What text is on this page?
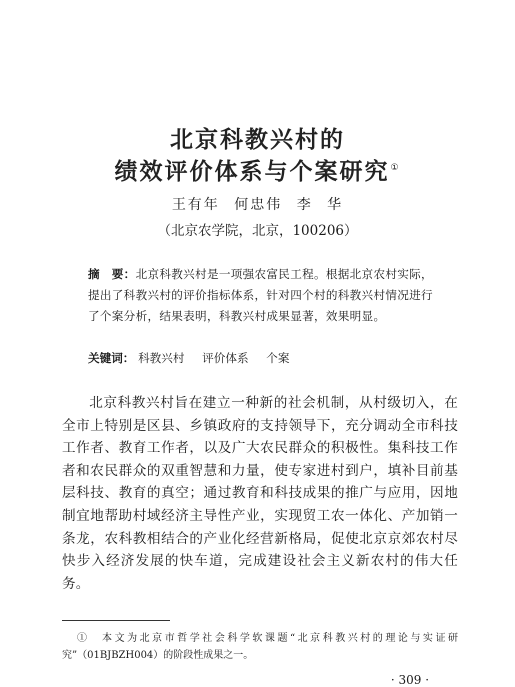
北京科教兴村的
绩效评价体系与个案研究①
王有年 何忠伟 李 华
（北京农学院，北京，100206）
摘　要：北京科教兴村是一项强农富民工程。根据北京农村实际，提出了科教兴村的评价指标体系，针对四个村的科教兴村情况进行了个案分析，结果表明，科教兴村成果显著，效果明显。
关键词： 科教兴村 评价体系 个案
北京科教兴村旨在建立一种新的社会机制，从村级切入，在全市上特别是区县、乡镇政府的支持领导下，充分调动全市科技工作者、教育工作者，以及广大农民群众的积极性。集科技工作者和农民群众的双重智慧和力量，使专家进村到户，填补目前基层科技、教育的真空；通过教育和科技成果的推广与应用，因地制宜地帮助村域经济主导性产业，实现贸工农一体化、产加销一条龙，农科教相结合的产业化经营新格局，促使北京京郊农村尽快步入经济发展的快车道，完成建设社会主义新农村的伟大任务。
①　本文为北京市哲学社会科学软课题“北京科教兴村的理论与实证研究”（01BJBZH004）的阶段性成果之一。
· 309 ·
